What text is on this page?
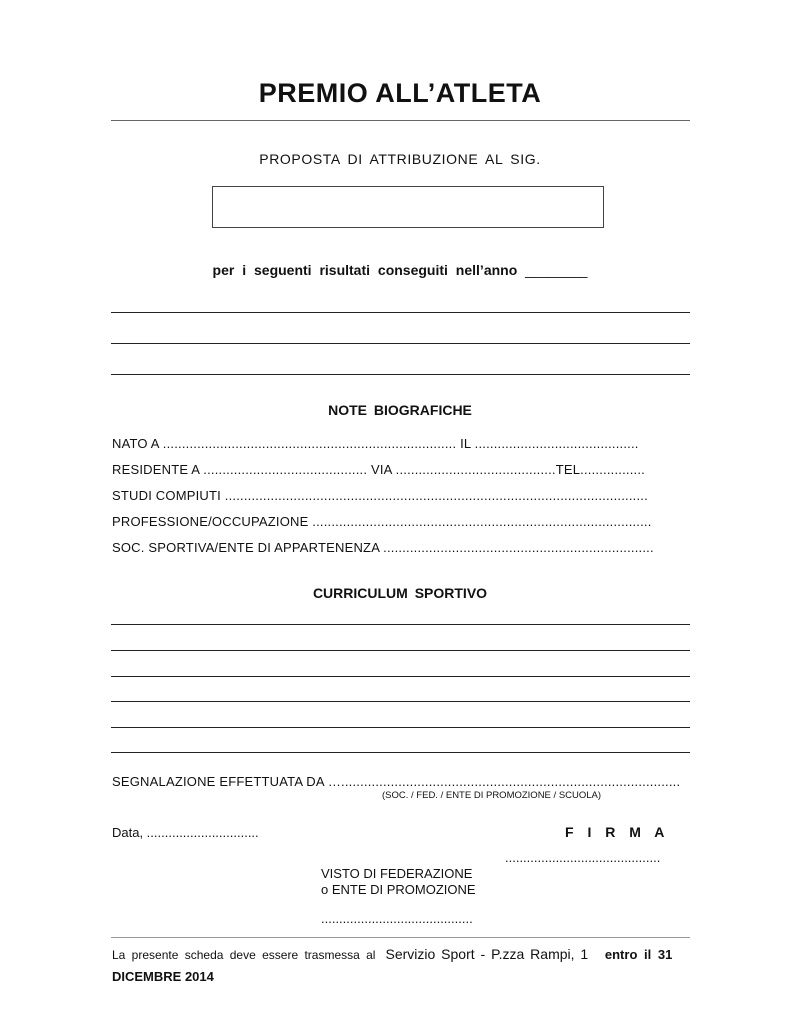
PREMIO ALL’ATLETA
PROPOSTA DI ATTRIBUZIONE AL SIG.
per i seguenti risultati conseguiti nell’anno ________
NOTE BIOGRAFICHE
NATO A ............................................................................. IL ...........................................
RESIDENTE A ........................................... VIA ..........................................TEL.................
STUDI COMPIUTI ...............................................................................................................
PROFESSIONE/OCCUPAZIONE .........................................................................................
SOC. SPORTIVA/ENTE DI APPARTENENZA .......................................................................
CURRICULUM SPORTIVO
SEGNALAZIONE EFFETTUATA DA ….........................................................................................
(SOC. / FED. / ENTE DI PROMOZIONE / SCUOLA)
Data, ...............................	F I R M A
...........................................
VISTO DI FEDERAZIONE
o ENTE DI PROMOZIONE
..........................................
La presente scheda deve essere trasmessa al Servizio Sport - P.zza Rampi, 1 entro il 31
DICEMBRE 2014
